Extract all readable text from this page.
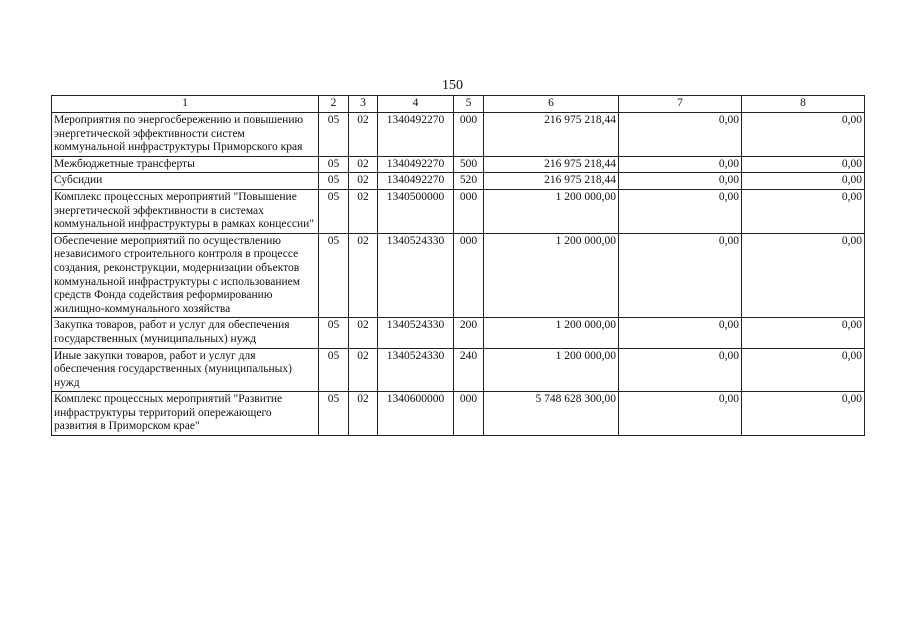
150
1	2	3	4	5	6	7	8
Мероприятия по энергосбережению и повышению энергетической эффективности систем коммунальной инфраструктуры Приморского края	05	02	1340492270	000	216 975 218,44	0,00	0,00
Межбюджетные трансферты	05	02	1340492270	500	216 975 218,44	0,00	0,00
Субсидии	05	02	1340492270	520	216 975 218,44	0,00	0,00
Комплекс процессных мероприятий "Повышение энергетической эффективности в системах коммунальной инфраструктуры в рамках концессии"	05	02	1340500000	000	1 200 000,00	0,00	0,00
Обеспечение мероприятий по осуществлению независимого строительного контроля в процессе создания, реконструкции, модернизации объектов коммунальной инфраструктуры с использованием средств Фонда содействия реформированию жилищно-коммунального хозяйства	05	02	1340524330	000	1 200 000,00	0,00	0,00
Закупка товаров, работ и услуг для обеспечения государственных (муниципальных) нужд	05	02	1340524330	200	1 200 000,00	0,00	0,00
Иные закупки товаров, работ и услуг для обеспечения государственных (муниципальных) нужд	05	02	1340524330	240	1 200 000,00	0,00	0,00
Комплекс процессных мероприятий "Развитие инфраструктуры территорий опережающего развития в Приморском крае"	05	02	1340600000	000	5 748 628 300,00	0,00	0,00
